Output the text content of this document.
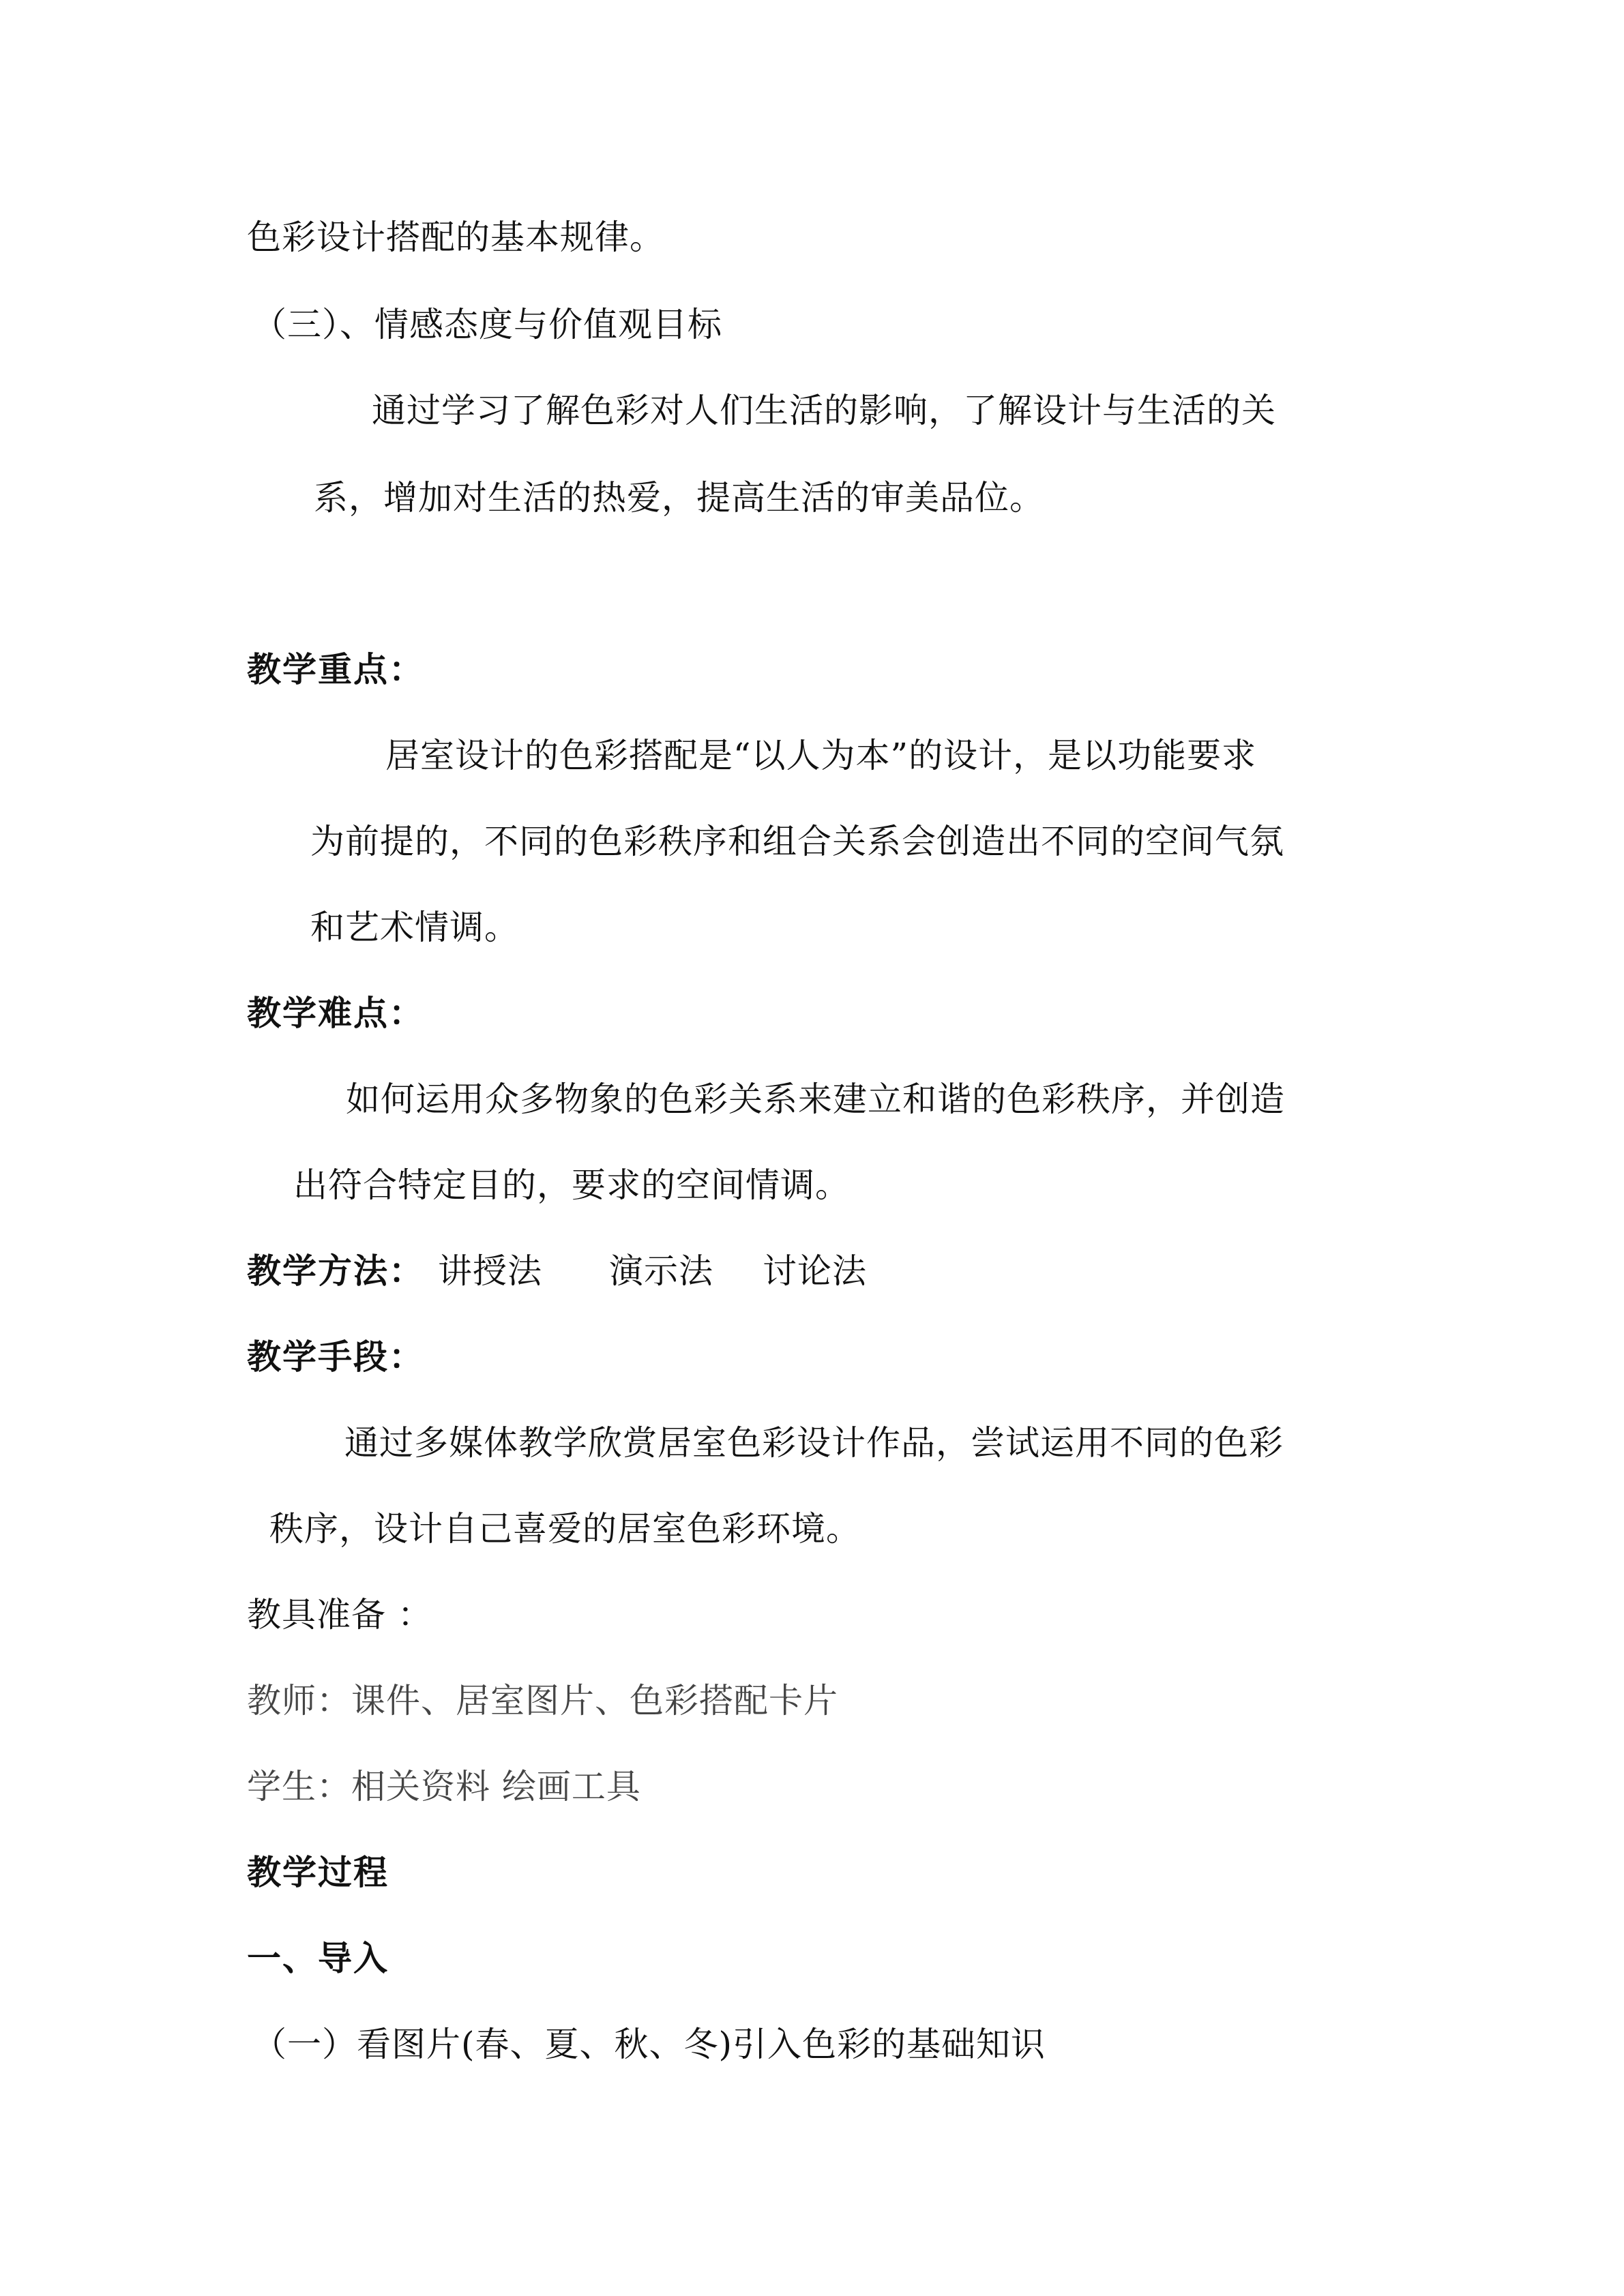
色彩设计搭配的基本规律。
（三）、情感态度与价值观目标
通过学习了解色彩对人们生活的影响，了解设计与生活的关
系，增加对生活的热爱，提高生活的审美品位。
教学重点：
居室设计的色彩搭配是“以人为本”的设计，是以功能要求
为前提的，不同的色彩秩序和组合关系会创造出不同的空间气氛
和艺术情调。
教学难点：
如何运用众多物象的色彩关系来建立和谐的色彩秩序，并创造
出符合特定目的，要求的空间情调。
教学方法： 讲授法 演示法 讨论法
教学手段：
通过多媒体教学欣赏居室色彩设计作品，尝试运用不同的色彩
秩序，设计自己喜爱的居室色彩环境。
教具准备 ：
教师：课件、居室图片、色彩搭配卡片
学生：相关资料 绘画工具
教学过程
一、导入
（一）看图片(春、夏、秋、冬)引入色彩的基础知识
